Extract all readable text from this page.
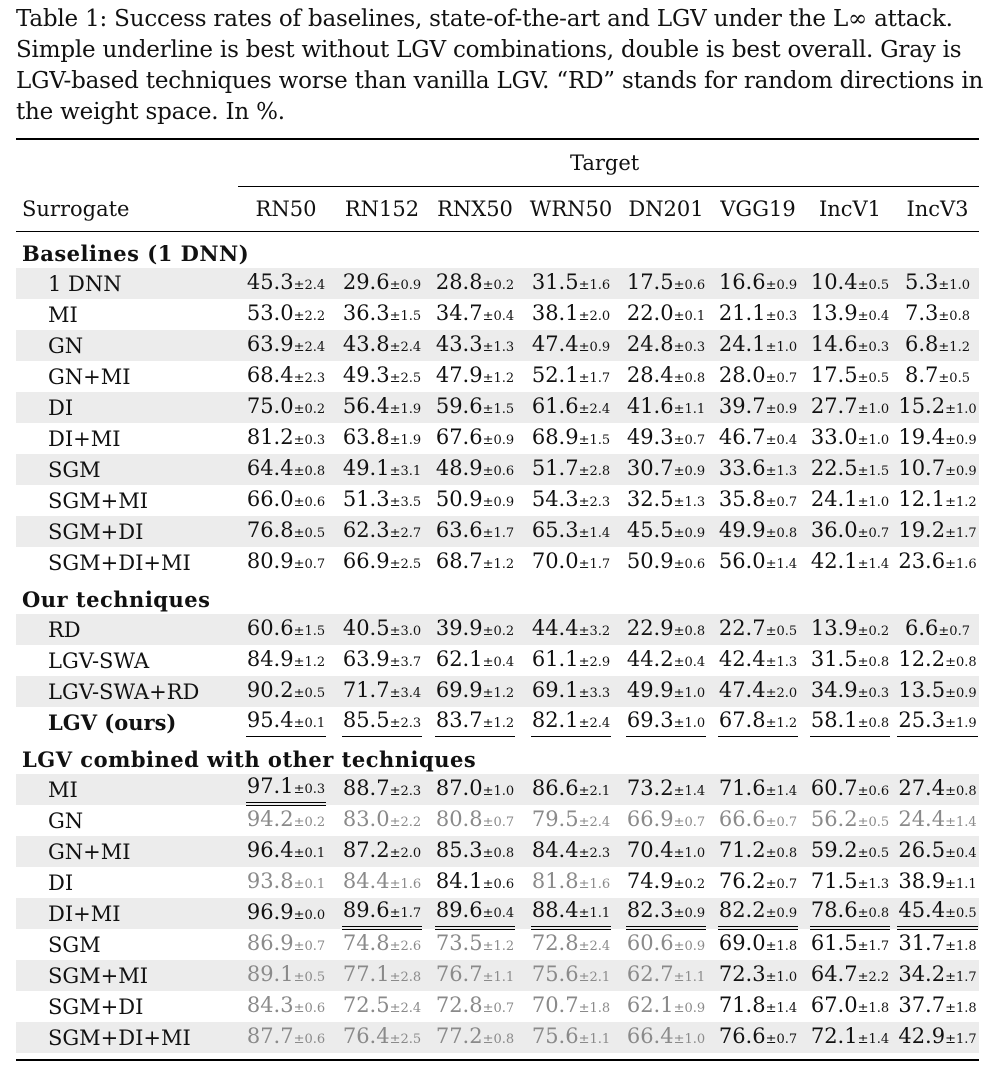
Table 1: Success rates of baselines, state-of-the-art and LGV under the L∞ attack. Simple underline is best without LGV combinations, double is best overall. Gray is LGV-based techniques worse than vanilla LGV. “RD” stands for random directions in the weight space. In %.
Target
Surrogate	RN50	RN152 RNX50 WRN50 DN201 VGG19	IncV1	IncV3
Baselines (1 DNN)
1 DNN	45.3±2.4 29.6±0.9 28.8±0.2 31.5±1.6 17.5±0.6 16.6±0.9 10.4±0.5 5.3±1.0
MI	53.0±2.2 36.3±1.5 34.7±0.4 38.1±2.0 22.0±0.1 21.1±0.3 13.9±0.4 7.3±0.8
GN	63.9±2.4 43.8±2.4 43.3±1.3 47.4±0.9 24.8±0.3 24.1±1.0 14.6±0.3 6.8±1.2
GN+MI	68.4±2.3 49.3±2.5 47.9±1.2 52.1±1.7 28.4±0.8 28.0±0.7 17.5±0.5 8.7±0.5
DI	75.0±0.2 56.4±1.9 59.6±1.5 61.6±2.4 41.6±1.1 39.7±0.9 27.7±1.0 15.2±1.0
DI+MI	81.2±0.3 63.8±1.9 67.6±0.9 68.9±1.5 49.3±0.7 46.7±0.4 33.0±1.0 19.4±0.9
SGM	64.4±0.8 49.1±3.1 48.9±0.6 51.7±2.8 30.7±0.9 33.6±1.3 22.5±1.5 10.7±0.9
SGM+MI	66.0±0.6 51.3±3.5 50.9±0.9 54.3±2.3 32.5±1.3 35.8±0.7 24.1±1.0 12.1±1.2
SGM+DI	76.8±0.5 62.3±2.7 63.6±1.7 65.3±1.4 45.5±0.9 49.9±0.8 36.0±0.7 19.2±1.7
SGM+DI+MI	80.9±0.7 66.9±2.5 68.7±1.2 70.0±1.7 50.9±0.6 56.0±1.4 42.1±1.4 23.6±1.6
Our techniques
RD	60.6±1.5 40.5±3.0 39.9±0.2 44.4±3.2 22.9±0.8 22.7±0.5 13.9±0.2 6.6±0.7
LGV-SWA	84.9±1.2 63.9±3.7 62.1±0.4 61.1±2.9 44.2±0.4 42.4±1.3 31.5±0.8 12.2±0.8
LGV-SWA+RD	90.2±0.5 71.7±3.4 69.9±1.2 69.1±3.3 49.9±1.0 47.4±2.0 34.9±0.3 13.5±0.9
LGV (ours)	95.4±0.1 85.5±2.3 83.7±1.2 82.1±2.4 69.3±1.0 67.8±1.2 58.1±0.8 25.3±1.9
LGV combined with other techniques
MI	97.1±0.3 88.7±2.3 87.0±1.0 86.6±2.1 73.2±1.4 71.6±1.4 60.7±0.6 27.4±0.8
GN	94.2±0.2 83.0±2.2 80.8±0.7 79.5±2.4 66.9±0.7 66.6±0.7 56.2±0.5 24.4±1.4
GN+MI	96.4±0.1 87.2±2.0 85.3±0.8 84.4±2.3 70.4±1.0 71.2±0.8 59.2±0.5 26.5±0.4
DI	93.8±0.1 84.4±1.6 84.1±0.6 81.8±1.6 74.9±0.2 76.2±0.7 71.5±1.3 38.9±1.1
DI+MI	96.9±0.0 89.6±1.7 89.6±0.4 88.4±1.1 82.3±0.9 82.2±0.9 78.6±0.8 45.4±0.5
SGM	86.9±0.7 74.8±2.6 73.5±1.2 72.8±2.4 60.6±0.9 69.0±1.8 61.5±1.7 31.7±1.8
SGM+MI	89.1±0.5 77.1±2.8 76.7±1.1 75.6±2.1 62.7±1.1 72.3±1.0 64.7±2.2 34.2±1.7
SGM+DI	84.3±0.6 72.5±2.4 72.8±0.7 70.7±1.8 62.1±0.9 71.8±1.4 67.0±1.8 37.7±1.8
SGM+DI+MI	87.7±0.6 76.4±2.5 77.2±0.8 75.6±1.1 66.4±1.0 76.6±0.7 72.1±1.4 42.9±1.7
